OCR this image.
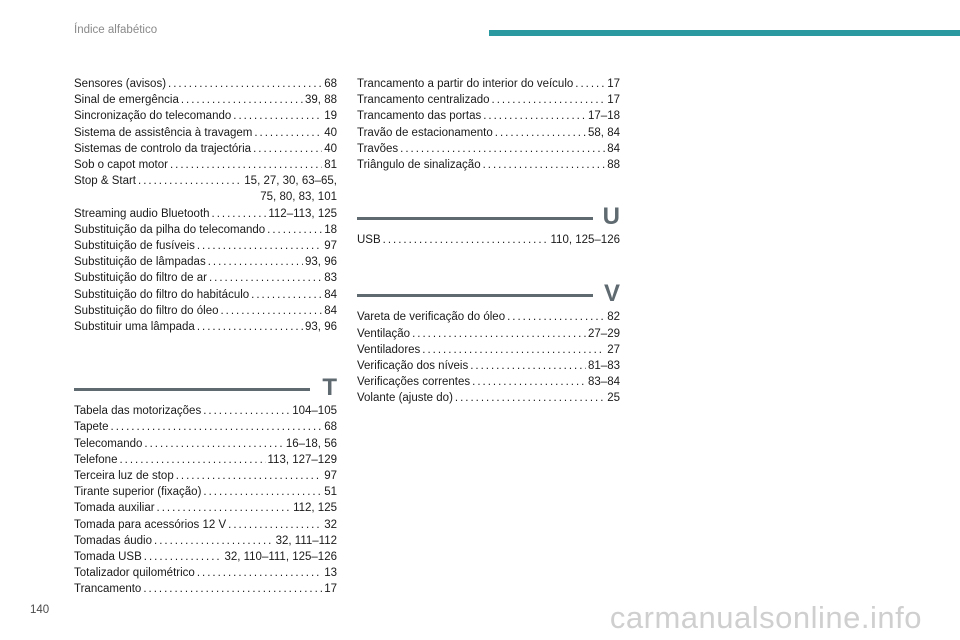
Índice alfabético
Sensores (avisos) . . .	68
Sinal de emergência . . .	39, 88
Sincronização do telecomando . . .	19
Sistema de assistência à travagem . . .	40
Sistemas de controlo da trajectória . . .	40
Sob o capot motor . . .	81
Stop & Start . . .	15, 27, 30, 63–65,
75, 80, 83, 101
Streaming audio Bluetooth . . .	112–113, 125
Substituição da pilha do telecomando . . .	18
Substituição de fusíveis . . .	97
Substituição de lâmpadas . . .	93, 96
Substituição do filtro de ar . . .	83
Substituição do filtro do habitáculo . . .	84
Substituição do filtro do óleo . . .	84
Substituir uma lâmpada . . .	93, 96
T
Tabela das motorizações . . .	104–105
Tapete . . .	68
Telecomando . . .	16–18, 56
Telefone . . .	113, 127–129
Terceira luz de stop . . .	97
Tirante superior (fixação) . . .	51
Tomada auxiliar . . .	112, 125
Tomada para acessórios 12 V . . .	32
Tomadas áudio . . .	32, 111–112
Tomada USB . . .	32, 110–111, 125–126
Totalizador quilométrico . . .	13
Trancamento . . .	17
Trancamento a partir do interior do veículo . . .	17
Trancamento centralizado . . .	17
Trancamento das portas . . .	17–18
Travão de estacionamento . . .	58, 84
Travões . . .	84
Triângulo de sinalização . . .	88
U
USB . . .	110, 125–126
V
Vareta de verificação do óleo . . .	82
Ventilação . . .	27–29
Ventiladores . . .	27
Verificação dos níveis . . .	81–83
Verificações correntes . . .	83–84
Volante (ajuste do) . . .	25
140	carmanualsonline.info
